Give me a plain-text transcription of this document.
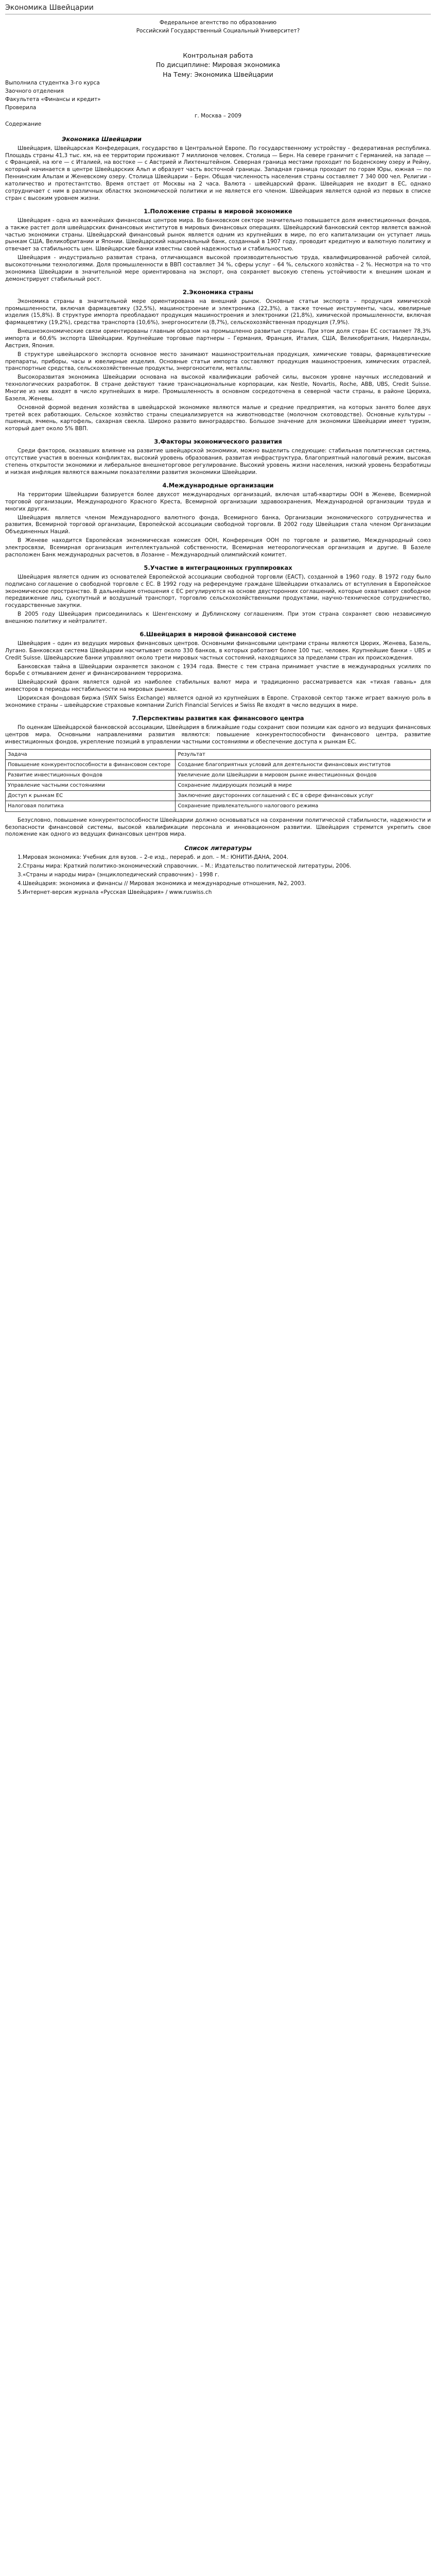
Экономика Швейцарии

Федеральное агентство по образованию

Российский Государственный Социальный Университет?

Контрольная работа

По дисциплине: Мировая экономика

На Тему: Экономика Швейцарии

Выполнила студентка 3-го курса

Заочного отделения

Факультета «Финансы и кредит»

Проверила

г. Москва – 2009

Содержание

Экономика Швейцарии

Швейцария, Швейцарская Конфедерация, государство в Центральной Европе. По государственному устройству - федеративная республика. Площадь страны 41,3 тыс. км, на ее территории проживают 7 миллионов человек. Столица — Берн. На севере граничит с Германией, на западе — с Францией, на юге — с Италией, на востоке — с Австрией и Лихтенштейном. Северная граница местами проходит по Боденскому озеру и Рейну, который начинается в центре Швейцарских Альп и образует часть восточной границы. Западная граница проходит по горам Юры, южная — по Пеннинским Альпам и Женевскому озеру. Столица Швейцарии – Берн. Общая численность населения страны составляет 7 340 000 чел. Религии - католичество и протестантство. Время отстает от Москвы на 2 часа. Валюта - швейцарский франк. Швейцария не входит в ЕС, однако сотрудничает с ним в различных областях экономической политики и не является его членом. Швейцария является одной из первых в списке стран с высоким уровнем жизни.

1.Положение страны в мировой экономике

Швейцария - одна из важнейших финансовых центров мира. Во банковском секторе значительно повышается доля инвестиционных фондов, а также растет доля швейцарских финансовых институтов в мировых финансовых операциях. Швейцарский банковский сектор является важной частью экономики страны. Швейцарский финансовый рынок является одним из крупнейших в мире, по его капитализации он уступает лишь рынкам США, Великобритании и Японии. Швейцарский национальный банк, созданный в 1907 году, проводит кредитную и валютную политику и отвечает за стабильность цен. Швейцарские банки известны своей надежностью и стабильностью.

Швейцария - индустриально развитая страна, отличающаяся высокой производительностью труда, квалифицированной рабочей силой, высокоточными технологиями. Доля промышленности в ВВП составляет 34 %, сферы услуг – 64 %, сельского хозяйства – 2 %. Несмотря на то что экономика Швейцарии в значительной мере ориентирована на экспорт, она сохраняет высокую степень устойчивости к внешним шокам и демонстрирует стабильный рост.

2.Экономика страны

Экономика страны в значительной мере ориентирована на внешний рынок. Основные статьи экспорта – продукция химической промышленности, включая фармацевтику (32,5%), машиностроение и электроника (22,3%), а также точные инструменты, часы, ювелирные изделия (15,8%). В структуре импорта преобладают продукция машиностроения и электроники (21,8%), химической промышленности, включая фармацевтику (19,2%), средства транспорта (10,6%), энергоносители (8,7%), сельскохозяйственная продукция (7,9%).

Внешнеэкономические связи ориентированы главным образом на промышленно развитые страны. При этом доля стран ЕС составляет 78,3% импорта и 60,6% экспорта Швейцарии. Крупнейшие торговые партнеры – Германия, Франция, Италия, США, Великобритания, Нидерланды, Австрия, Япония.

В структуре швейцарского экспорта основное место занимают машиностроительная продукция, химические товары, фармацевтические препараты, приборы, часы и ювелирные изделия. Основные статьи импорта составляют продукция машиностроения, химических отраслей, транспортные средства, сельскохозяйственные продукты, энергоносители, металлы.

Высокоразвитая экономика Швейцарии основана на высокой квалификации рабочей силы, высоком уровне научных исследований и технологических разработок. В стране действуют такие транснациональные корпорации, как Nestle, Novartis, Roche, ABB, UBS, Credit Suisse. Многие из них входят в число крупнейших в мире. Промышленность в основном сосредоточена в северной части страны, в районе Цюриха, Базеля, Женевы.

Основной формой ведения хозяйства в швейцарской экономике являются малые и средние предприятия, на которых занято более двух третей всех работающих. Сельское хозяйство страны специализируется на животноводстве (молочном скотоводстве). Основные культуры – пшеница, ячмень, картофель, сахарная свекла. Широко развито виноградарство. Большое значение для экономики Швейцарии имеет туризм, который дает около 5% ВВП.

3.Факторы экономического развития

Среди факторов, оказавших влияние на развитие швейцарской экономики, можно выделить следующие: стабильная политическая система, отсутствие участия в военных конфликтах, высокий уровень образования, развитая инфраструктура, благоприятный налоговый режим, высокая степень открытости экономики и либеральное внешнеторговое регулирование. Высокий уровень жизни населения, низкий уровень безработицы и низкая инфляция являются важными показателями развития экономики Швейцарии.

4.Международные организации

На территории Швейцарии базируется более двухсот международных организаций, включая штаб-квартиры ООН в Женеве, Всемирной торговой организации, Международного Красного Креста, Всемирной организации здравоохранения, Международной организации труда и многих других.

Швейцария является членом Международного валютного фонда, Всемирного банка, Организации экономического сотрудничества и развития, Всемирной торговой организации, Европейской ассоциации свободной торговли. В 2002 году Швейцария стала членом Организации Объединенных Наций.

В Женеве находится Европейская экономическая комиссия ООН, Конференция ООН по торговле и развитию, Международный союз электросвязи, Всемирная организация интеллектуальной собственности, Всемирная метеорологическая организация и другие. В Базеле расположен Банк международных расчетов, в Лозанне – Международный олимпийский комитет.

5.Участие в интеграционных группировках

Швейцария является одним из основателей Европейской ассоциации свободной торговли (ЕАСТ), созданной в 1960 году. В 1972 году было подписано соглашение о свободной торговле с ЕС. В 1992 году на референдуме граждане Швейцарии отказались от вступления в Европейское экономическое пространство. В дальнейшем отношения с ЕС регулируются на основе двусторонних соглашений, которые охватывают свободное передвижение лиц, сухопутный и воздушный транспорт, торговлю сельскохозяйственными продуктами, научно-техническое сотрудничество, государственные закупки.

В 2005 году Швейцария присоединилась к Шенгенскому и Дублинскому соглашениям. При этом страна сохраняет свою независимую внешнюю политику и нейтралитет.

6.Швейцария в мировой финансовой системе

Швейцария – один из ведущих мировых финансовых центров. Основными финансовыми центрами страны являются Цюрих, Женева, Базель, Лугано. Банковская система Швейцарии насчитывает около 330 банков, в которых работают более 100 тыс. человек. Крупнейшие банки – UBS и Credit Suisse. Швейцарские банки управляют около трети мировых частных состояний, находящихся за пределами стран их происхождения.

Банковская тайна в Швейцарии охраняется законом с 1934 года. Вместе с тем страна принимает участие в международных усилиях по борьбе с отмыванием денег и финансированием терроризма.

Швейцарский франк является одной из наиболее стабильных валют мира и традиционно рассматривается как «тихая гавань» для инвесторов в периоды нестабильности на мировых рынках.

Цюрихская фондовая биржа (SWX Swiss Exchange) является одной из крупнейших в Европе. Страховой сектор также играет важную роль в экономике страны – швейцарские страховые компании Zurich Financial Services и Swiss Re входят в число ведущих в мире.

7.Перспективы развития как финансового центра

По оценкам Швейцарской банковской ассоциации, Швейцария в ближайшие годы сохранит свои позиции как одного из ведущих финансовых центров мира. Основными направлениями развития являются: повышение конкурентоспособности финансового центра, развитие инвестиционных фондов, укрепление позиций в управлении частными состояниями и обеспечение доступа к рынкам ЕС.

Задача	Результат
Повышение конкурентоспособности в финансовом секторе	Создание благоприятных условий для деятельности финансовых институтов
Развитие инвестиционных фондов	Увеличение доли Швейцарии в мировом рынке инвестиционных фондов
Управление частными состояниями	Сохранение лидирующих позиций в мире
Доступ к рынкам ЕС	Заключение двусторонних соглашений с ЕС в сфере финансовых услуг
Налоговая политика	Сохранение привлекательного налогового режима

Безусловно, повышение конкурентоспособности Швейцарии должно основываться на сохранении политической стабильности, надежности и безопасности финансовой системы, высокой квалификации персонала и инновационном развитии. Швейцария стремится укрепить свое положение как одного из ведущих финансовых центров мира.

Список литературы
1.Мировая экономика: Учебник для вузов. – 2-е изд., перераб. и доп. – М.: ЮНИТИ-ДАНА, 2004.
2.Страны мира: Краткий политико-экономический справочник. – М.: Издательство политической литературы, 2006.
3.«Страны и народы мира» (энциклопедический справочник) - 1998 г.
4.Швейцария: экономика и финансы // Мировая экономика и международные отношения, №2, 2003.
5.Интернет-версия журнала «Русская Швейцария» / www.ruswiss.ch
